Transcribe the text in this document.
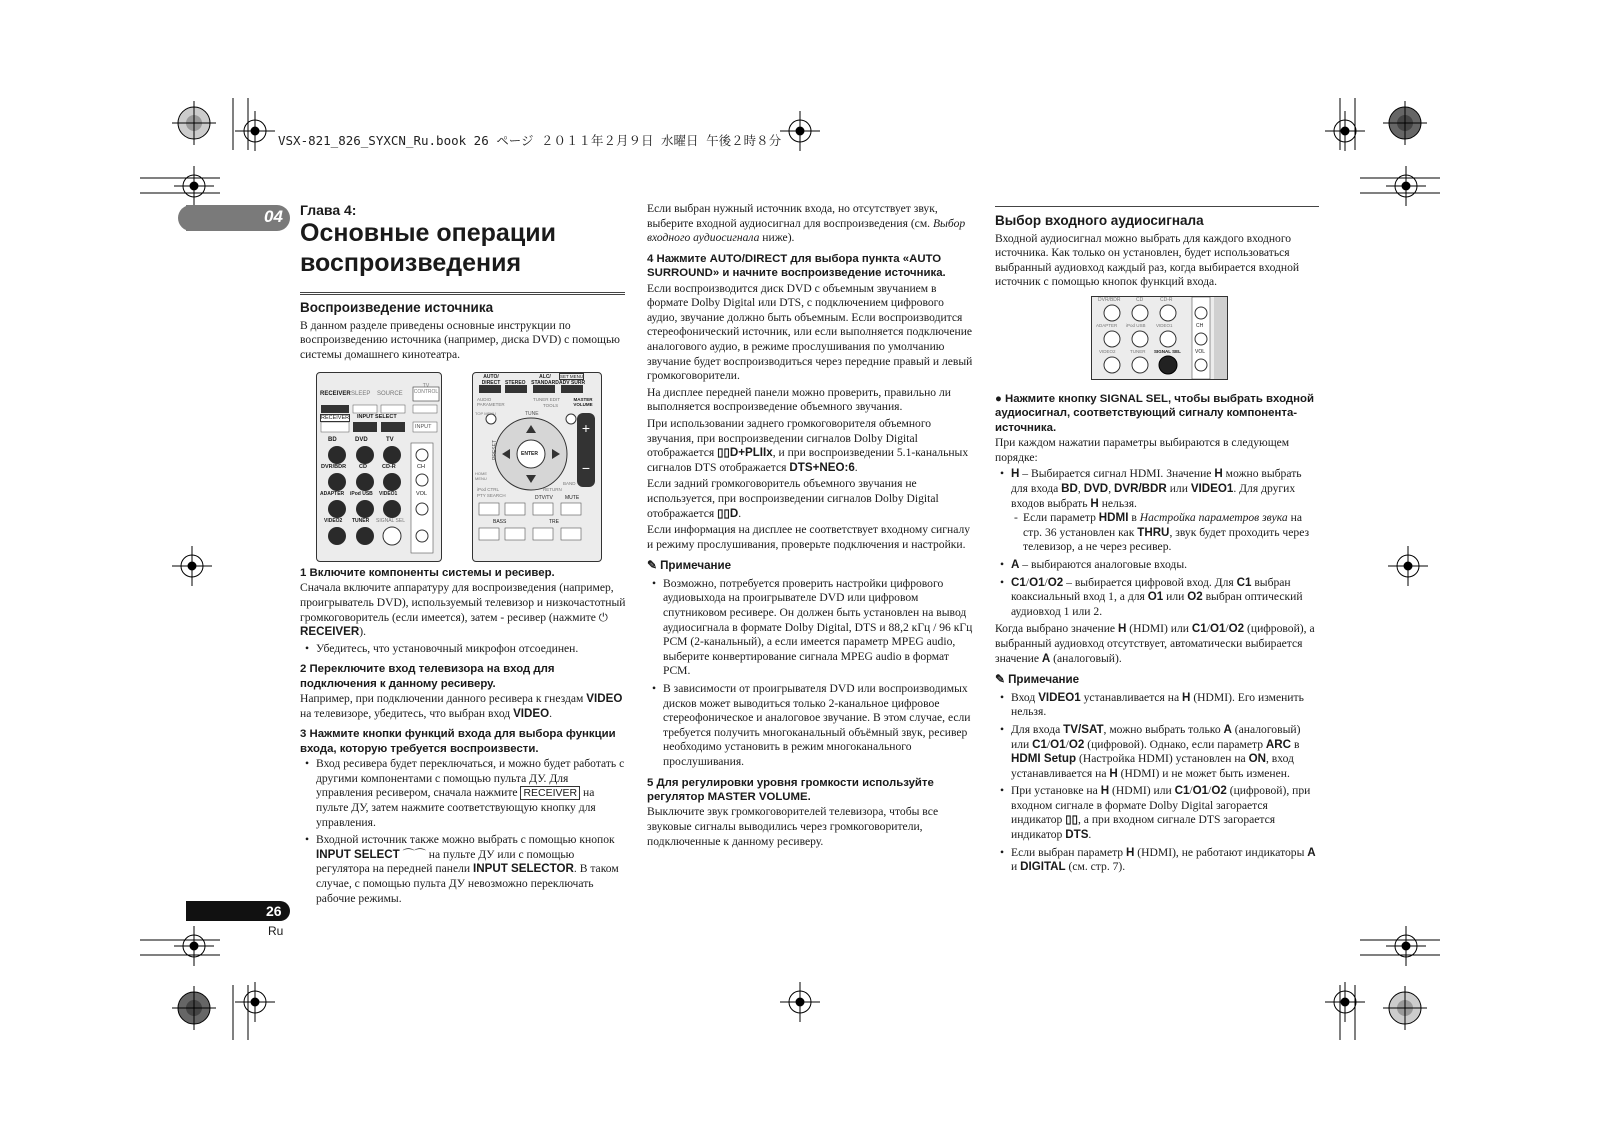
VSX-821_826_SYXCN_Ru.book 26 ページ ２０１１年２月９日 水曜日 午後２時８分
04 Глава 4:
Основные операции воспроизведения
Воспроизведение источника

В данном разделе приведены основные инструкции по воспроизведению источника (например, диска DVD) с помощью системы домашнего кинотеатра.

RECEIVER SLEEP SOURCE
TV CONTROL
RECEIVER INPUT SELECT
INPUT
BD	DVD	TV
DVR/BDR CD	CD-R
ADAPTER iPod USB VIDEO1
VIDEO2 TUNER SIGNAL SEL
CH
VOL
+
−
AUTO/ DIRECT STEREO
ALC/ STANDARD ADV SURR
SET MENU
AUDIO PARAMETER
TUNER EDIT
TOOLS
MASTER VOLUME
TOP MENU	TUNE
PRESET	ENTER
HOME MENU
iPod CTRL
PTY SEARCH
RETURN
BAND
DTV/TV MUTE
BASS	TRE
1 Включите компоненты системы и ресивер.

Сначала включите аппаратуру для воспроизведения (например, проигрыватель DVD), используемый телевизор и низкочастотный громкоговоритель (если имеется), затем - ресивер (нажмите ⏻ RECEIVER).

• Убедитесь, что установочный микрофон отсоединен.
2 Переключите вход телевизора на вход для подключения к данному ресиверу.

Например, при подключении данного ресивера к гнездам VIDEO на телевизоре, убедитесь, что выбран вход VIDEO.

3 Нажмите кнопки функций входа для выбора функции входа, которую требуется воспроизвести.
• Вход ресивера будет переключаться, и можно будет работать с другими компонентами с помощью пульта ДУ. Для управления ресивером, сначала нажмите RECEIVER на пульте ДУ, затем нажмите соответствующую кнопку для управления.
• Входной источник также можно выбрать с помощью кнопок INPUT SELECT ⌒⌒ на пульте ДУ или с помощью регулятора на передней панели INPUT SELECTOR. В таком случае, с помощью пульта ДУ невозможно переключать рабочие режимы.

Если выбран нужный источник входа, но отсутствует звук, выберите входной аудиосигнал для воспроизведения (см. Выбор входного аудиосигнала ниже).

4 Нажмите AUTO/DIRECT для выбора пункта «AUTO SURROUND» и начните воспроизведение источника.

Если воспроизводится диск DVD с объемным звучанием в формате Dolby Digital или DTS, с подключением цифрового аудио, звучание должно быть объемным. Если воспроизводится стереофонический источник, или если выполняется подключение аналогового аудио, в режиме прослушивания по умолчанию звучание будет воспроизводиться через передние правый и левый громкоговорители.

На дисплее передней панели можно проверить, правильно ли выполняется воспроизведение объемного звучания.

При использовании заднего громкоговорителя объемного звучания, при воспроизведении сигналов Dolby Digital отображается ▯▯D+PLIIx, и при воспроизведении 5.1-канальных сигналов DTS отображается DTS+NEO:6.

Если задний громкоговоритель объемного звучания не используется, при воспроизведении сигналов Dolby Digital отображается ▯▯D.

Если информация на дисплее не соответствует входному сигналу и режиму прослушивания, проверьте подключения и настройки.

✎ Примечание
• Возможно, потребуется проверить настройки цифрового аудиовыхода на проигрывателе DVD или цифровом спутниковом ресивере. Он должен быть установлен на вывод аудиосигнала в формате Dolby Digital, DTS и 88,2 кГц / 96 кГц PCM (2-канальный), а если имеется параметр MPEG audio, выберите конвертирование сигнала MPEG audio в формат PCM.
• В зависимости от проигрывателя DVD или воспроизводимых дисков может выводиться только 2-канальное цифровое стереофоническое и аналоговое звучание. В этом случае, если требуется получить многоканальный объёмный звук, ресивер необходимо установить в режим многоканального прослушивания.
5 Для регулировки уровня громкости используйте регулятор MASTER VOLUME.

Выключите звук громкоговорителей телевизора, чтобы все звуковые сигналы выводились через громкоговорители, подключенные к данному ресиверу.

Выбор входного аудиосигнала

Входной аудиосигнал можно выбрать для каждого входного источника. Как только он установлен, будет использоваться выбранный аудиовход каждый раз, когда выбирается входной источник с помощью кнопок функций входа.

DVR/BDR	CD	CD-R
ADAPTER iPod USB VIDEO1
VIDEO2	TUNER SIGNAL SEL
CH
VOL
● Нажмите кнопку SIGNAL SEL, чтобы выбрать входной аудиосигнал, соответствующий сигналу компонента-источника.

При каждом нажатии параметры выбираются в следующем порядке:

• H – Выбирается сигнал HDMI. Значение H можно выбрать для входа BD, DVD, DVR/BDR или VIDEO1. Для других входов выбрать H нельзя.
- Если параметр HDMI в Настройка параметров звука на стр. 36 установлен как THRU, звук будет проходить через телевизор, а не через ресивер.
• A – выбираются аналоговые входы.
• C1/O1/O2 – выбирается цифровой вход. Для C1 выбран коаксиальный вход 1, а для O1 или O2 выбран оптический аудиовход 1 или 2.

Когда выбрано значение H (HDMI) или C1/O1/O2 (цифровой), а выбранный аудиовход отсутствует, автоматически выбирается значение A (аналоговый).

✎ Примечание
• Вход VIDEO1 устанавливается на H (HDMI). Его изменить нельзя.
• Для входа TV/SAT, можно выбрать только A (аналоговый) или C1/O1/O2 (цифровой). Однако, если параметр ARC в HDMI Setup (Настройка HDMI) установлен на ON, вход устанавливается на H (HDMI) и не может быть изменен.
• При установке на H (HDMI) или C1/O1/O2 (цифровой), при входном сигнале в формате Dolby Digital загорается индикатор ▯▯, а при входном сигнале DTS загорается индикатор DTS.
• Если выбран параметр H (HDMI), не работают индикаторы A и DIGITAL (см. стр. 7).
26
Ru
